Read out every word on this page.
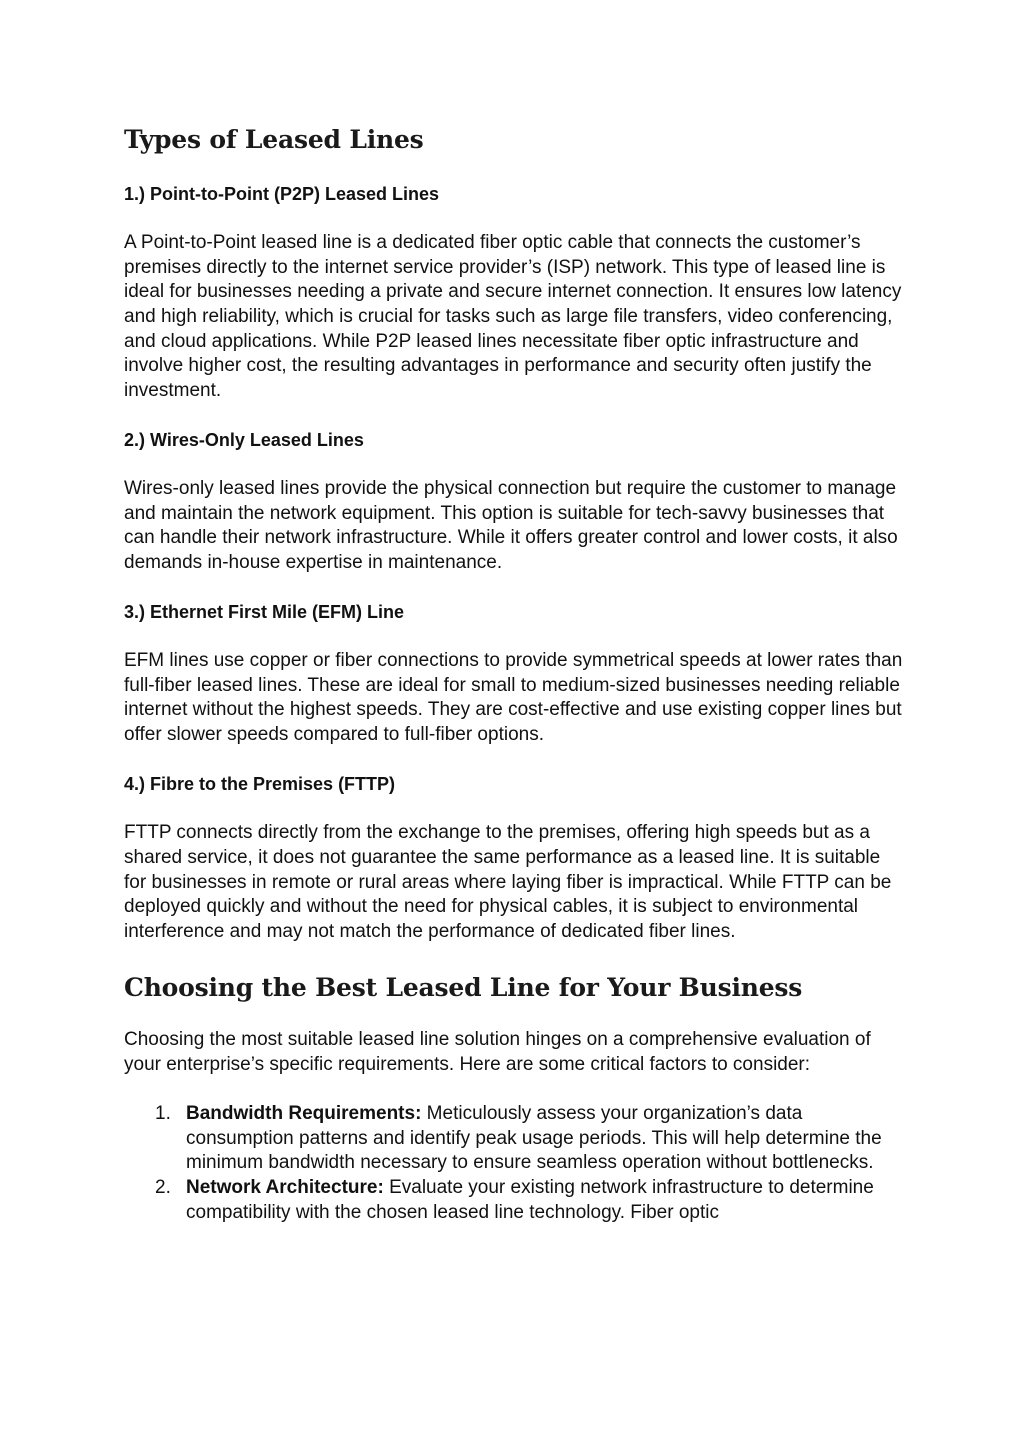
Types of Leased Lines
1.) Point-to-Point (P2P) Leased Lines

A Point-to-Point leased line is a dedicated fiber optic cable that connects the customer’s premises directly to the internet service provider’s (ISP) network. This type of leased line is ideal for businesses needing a private and secure internet connection. It ensures low latency and high reliability, which is crucial for tasks such as large file transfers, video conferencing, and cloud applications. While P2P leased lines necessitate fiber optic infrastructure and involve higher cost, the resulting advantages in performance and security often justify the investment.

2.) Wires-Only Leased Lines

Wires-only leased lines provide the physical connection but require the customer to manage and maintain the network equipment. This option is suitable for tech-savvy businesses that can handle their network infrastructure. While it offers greater control and lower costs, it also demands in-house expertise in maintenance.

3.) Ethernet First Mile (EFM) Line

EFM lines use copper or fiber connections to provide symmetrical speeds at lower rates than full-fiber leased lines. These are ideal for small to medium-sized businesses needing reliable internet without the highest speeds. They are cost-effective and use existing copper lines but offer slower speeds compared to full-fiber options.

4.) Fibre to the Premises (FTTP)

FTTP connects directly from the exchange to the premises, offering high speeds but as a shared service, it does not guarantee the same performance as a leased line. It is suitable for businesses in remote or rural areas where laying fiber is impractical. While FTTP can be deployed quickly and without the need for physical cables, it is subject to environmental interference and may not match the performance of dedicated fiber lines.

Choosing the Best Leased Line for Your Business

Choosing the most suitable leased line solution hinges on a comprehensive evaluation of your enterprise’s specific requirements. Here are some critical factors to consider:

1. Bandwidth Requirements: Meticulously assess your organization’s data consumption patterns and identify peak usage periods. This will help determine the minimum bandwidth necessary to ensure seamless operation without bottlenecks.
2. Network Architecture: Evaluate your existing network infrastructure to determine compatibility with the chosen leased line technology. Fiber optic
